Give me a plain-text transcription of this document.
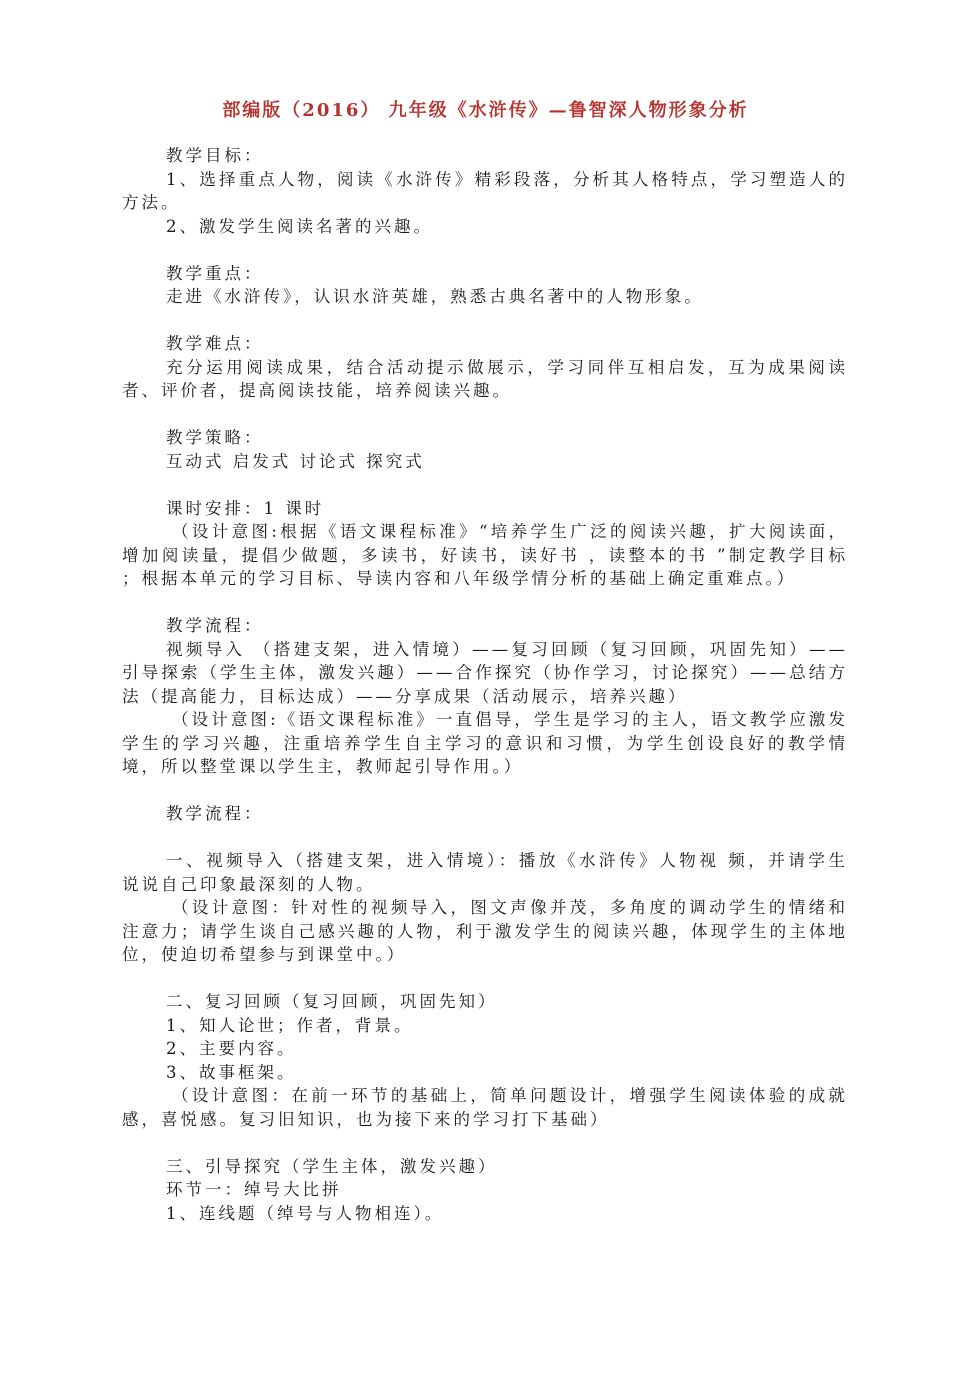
部编版（2016） 九年级《水浒传》—鲁智深人物形象分析

教学目标：

1、选择重点人物，阅读《水浒传》精彩段落，分析其人格特点，学习塑造人的方法。

2、激发学生阅读名著的兴趣。

教学重点：

走进《水浒传》，认识水浒英雄，熟悉古典名著中的人物形象。

教学难点：

充分运用阅读成果，结合活动提示做展示，学习同伴互相启发，互为成果阅读者、评价者，提高阅读技能，培养阅读兴趣。

教学策略：

互动式 启发式 讨论式 探究式

课时安排：1 课时

（设计意图:根据《语文课程标准》“培养学生广泛的阅读兴趣，扩大阅读面，增加阅读量，提倡少做题，多读书，好读书，读好书 ，读整本的书 ”制定教学目标 ；根据本单元的学习目标、导读内容和八年级学情分析的基础上确定重难点。）

教学流程：

视频导入 （搭建支架，进入情境）——复习回顾（复习回顾，巩固先知）——引导探索（学生主体，激发兴趣）——合作探究（协作学习，讨论探究）——总结方法（提高能力，目标达成）——分享成果（活动展示，培养兴趣）

（设计意图:《语文课程标准》一直倡导，学生是学习的主人，语文教学应激发学生的学习兴趣，注重培养学生自主学习的意识和习惯，为学生创设良好的教学情境，所以整堂课以学生主，教师起引导作用。）

教学流程：

一、视频导入（搭建支架，进入情境）：播放《水浒传》人物视 频，并请学生说说自己印象最深刻的人物。

（设计意图：针对性的视频导入，图文声像并茂，多角度的调动学生的情绪和注意力；请学生谈自己感兴趣的人物，利于激发学生的阅读兴趣，体现学生的主体地位，使迫切希望参与到课堂中。）

二、复习回顾（复习回顾，巩固先知）

1、知人论世；作者，背景。

2、主要内容。

3、故事框架。

（设计意图：在前一环节的基础上，简单问题设计，增强学生阅读体验的成就感，喜悦感。复习旧知识，也为接下来的学习打下基础）

三、引导探究（学生主体，激发兴趣）

环节一：绰号大比拼

1、连线题（绰号与人物相连）。
